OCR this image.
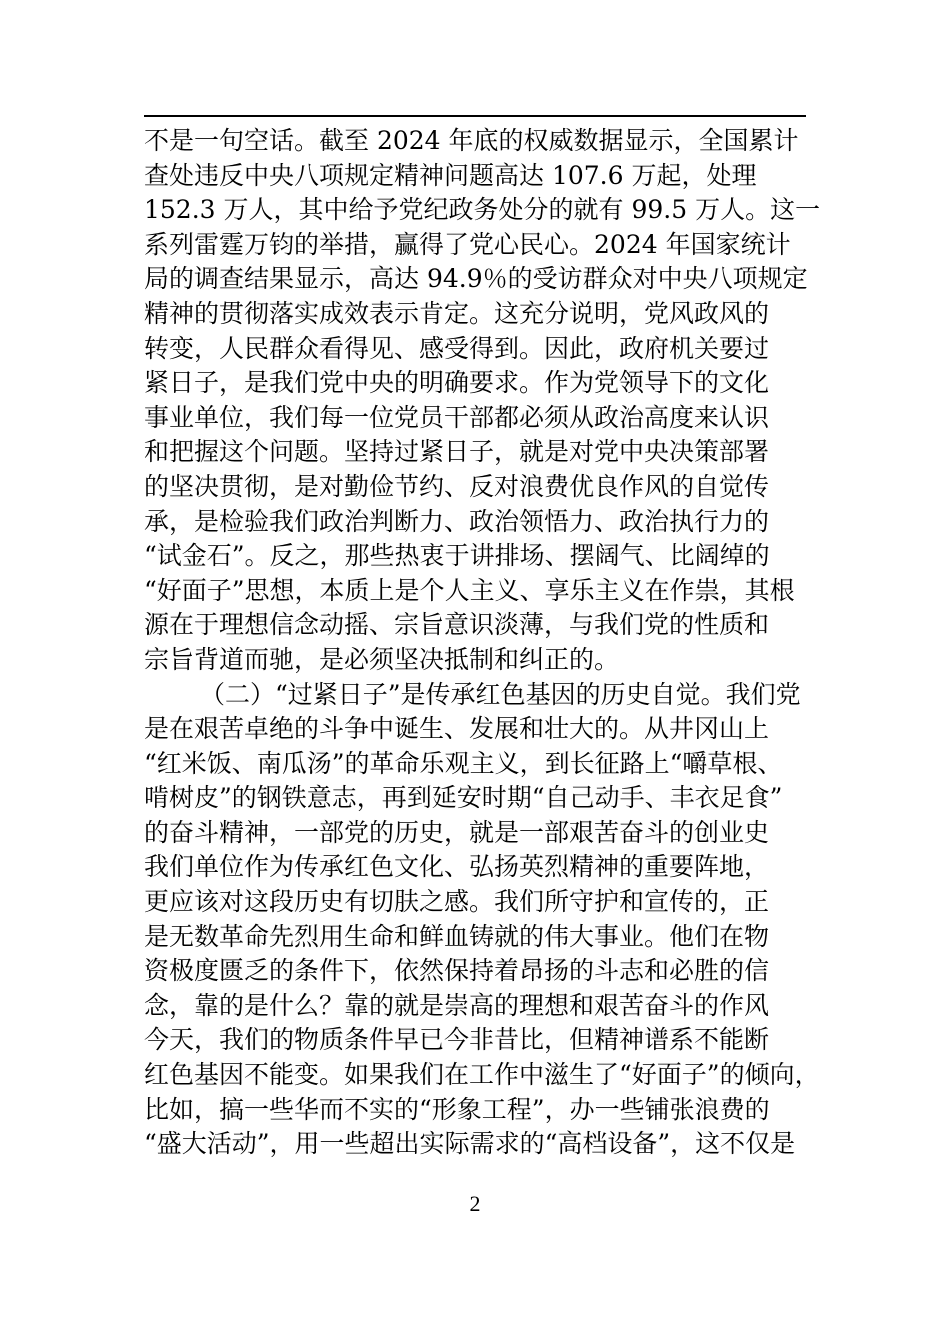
不是一句空话。截至 2024 年底的权威数据显示，全国累计
查处违反中央八项规定精神问题高达 107.6 万起，处理
152.3 万人，其中给予党纪政务处分的就有 99.5 万人。这一
系列雷霆万钧的举措，赢得了党心民心。2024 年国家统计
局的调查结果显示，高达 94.9％的受访群众对中央八项规定
精神的贯彻落实成效表示肯定。这充分说明，党风政风的
转变，人民群众看得见、感受得到。因此，政府机关要过
紧日子，是我们党中央的明确要求。作为党领导下的文化
事业单位，我们每一位党员干部都必须从政治高度来认识
和把握这个问题。坚持过紧日子，就是对党中央决策部署
的坚决贯彻，是对勤俭节约、反对浪费优良作风的自觉传
承，是检验我们政治判断力、政治领悟力、政治执行力的
“试金石”。反之，那些热衷于讲排场、摆阔气、比阔绰的
“好面子”思想，本质上是个人主义、享乐主义在作祟，其根
源在于理想信念动摇、宗旨意识淡薄，与我们党的性质和
宗旨背道而驰，是必须坚决抵制和纠正的。
（二）“过紧日子”是传承红色基因的历史自觉。我们党
是在艰苦卓绝的斗争中诞生、发展和壮大的。从井冈山上
“红米饭、南瓜汤”的革命乐观主义，到长征路上“嚼草根、
啃树皮”的钢铁意志，再到延安时期“自己动手、丰衣足食”
的奋斗精神，一部党的历史，就是一部艰苦奋斗的创业史
我们单位作为传承红色文化、弘扬英烈精神的重要阵地，
更应该对这段历史有切肤之感。我们所守护和宣传的，正
是无数革命先烈用生命和鲜血铸就的伟大事业。他们在物
资极度匮乏的条件下，依然保持着昂扬的斗志和必胜的信
念，靠的是什么？靠的就是崇高的理想和艰苦奋斗的作风
今天，我们的物质条件早已今非昔比，但精神谱系不能断
红色基因不能变。如果我们在工作中滋生了“好面子”的倾向，
比如，搞一些华而不实的“形象工程”，办一些铺张浪费的
“盛大活动”，用一些超出实际需求的“高档设备”，这不仅是
2
